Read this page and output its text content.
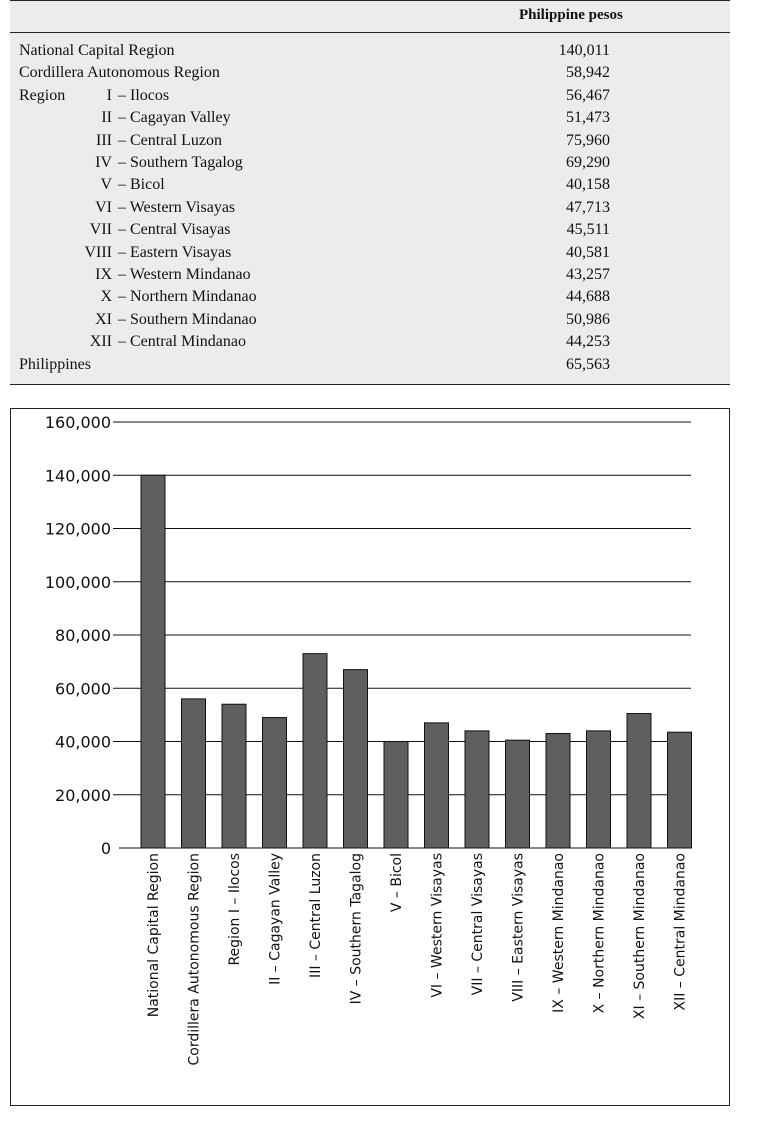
Philippine pesos
National Capital Region	140,011
Cordillera Autonomous Region	58,942
Region	I – Ilocos	56,467
II – Cagayan Valley	51,473
III – Central Luzon	75,960
IV – Southern Tagalog	69,290
V – Bicol	40,158
VI – Western Visayas	47,713
VII – Central Visayas	45,511
VIII – Eastern Visayas	40,581
IX – Western Mindanao	43,257
X – Northern Mindanao	44,688
XI – Southern Mindanao	50,986
XII – Central Mindanao	44,253
Philippines	65,563
0
20,000
40,000
60,000
80,000
100,000
120,000
140,000
160,000
National Capital Region Cordillera Autonomous Region Region I – Ilocos II – Cagayan Valley III – Central Luzon IV – Southern Tagalog V – Bicol VI – Western Visayas VII – Central Visayas VIII – Eastern Visayas IX – Western Mindanao X – Northern Mindanao XI – Southern Mindanao XII – Central Mindanao
